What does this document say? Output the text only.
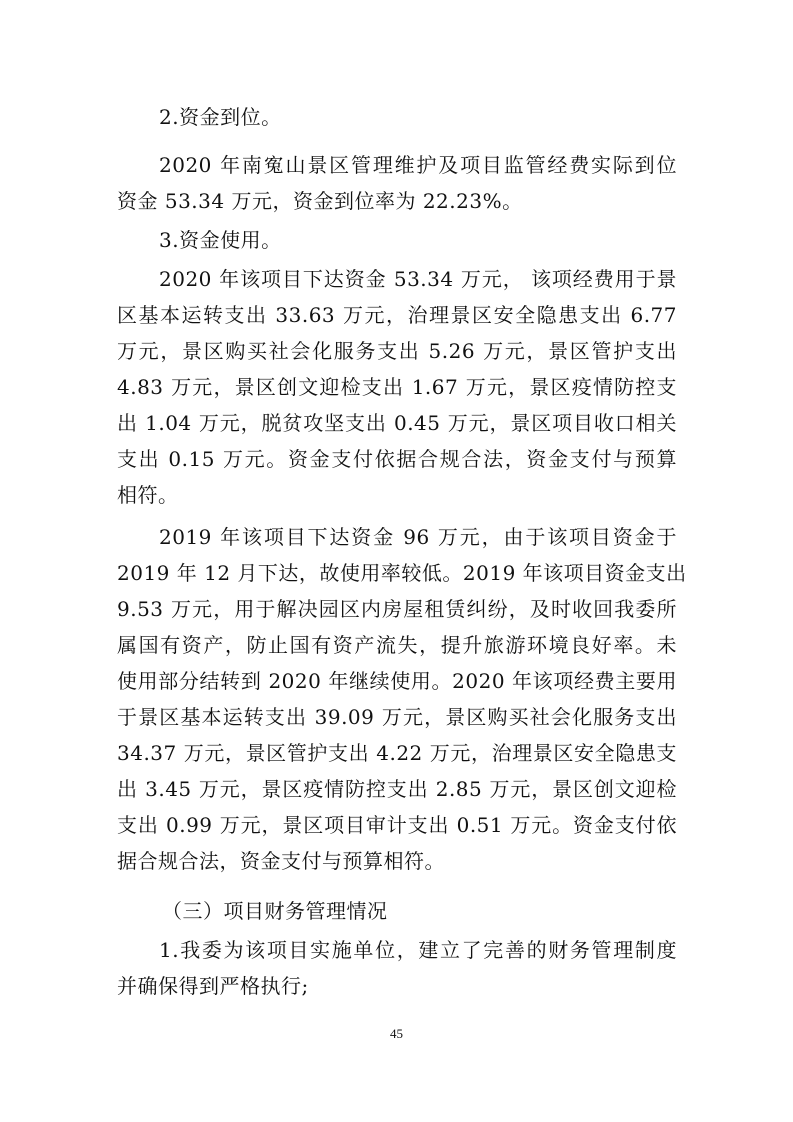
2.资金到位。
2020 年南寃山景区管理维护及项目监管经费实际到位
资金 53.34 万元，资金到位率为 22.23%。
3.资金使用。
2020 年该项目下达资金 53.34 万元， 该项经费用于景
区基本运转支出 33.63 万元，治理景区安全隐患支出 6.77
万元，景区购买社会化服务支出 5.26 万元，景区管护支出
4.83 万元，景区创文迎检支出 1.67 万元，景区疫情防控支
出 1.04 万元，脱贫攻坚支出 0.45 万元，景区项目收口相关
支出 0.15 万元。资金支付依据合规合法，资金支付与预算
相符。
2019 年该项目下达资金 96 万元，由于该项目资金于
2019 年 12 月下达，故使用率较低。2019 年该项目资金支出
9.53 万元，用于解决园区内房屋租赁纠纷，及时收回我委所
属国有资产，防止国有资产流失，提升旅游环境良好率。未
使用部分结转到 2020 年继续使用。2020 年该项经费主要用
于景区基本运转支出 39.09 万元，景区购买社会化服务支出
34.37 万元，景区管护支出 4.22 万元，治理景区安全隐患支
出 3.45 万元，景区疫情防控支出 2.85 万元，景区创文迎检
支出 0.99 万元，景区项目审计支出 0.51 万元。资金支付依
据合规合法，资金支付与预算相符。
（三）项目财务管理情况
1.我委为该项目实施单位，建立了完善的财务管理制度
并确保得到严格执行;
45
